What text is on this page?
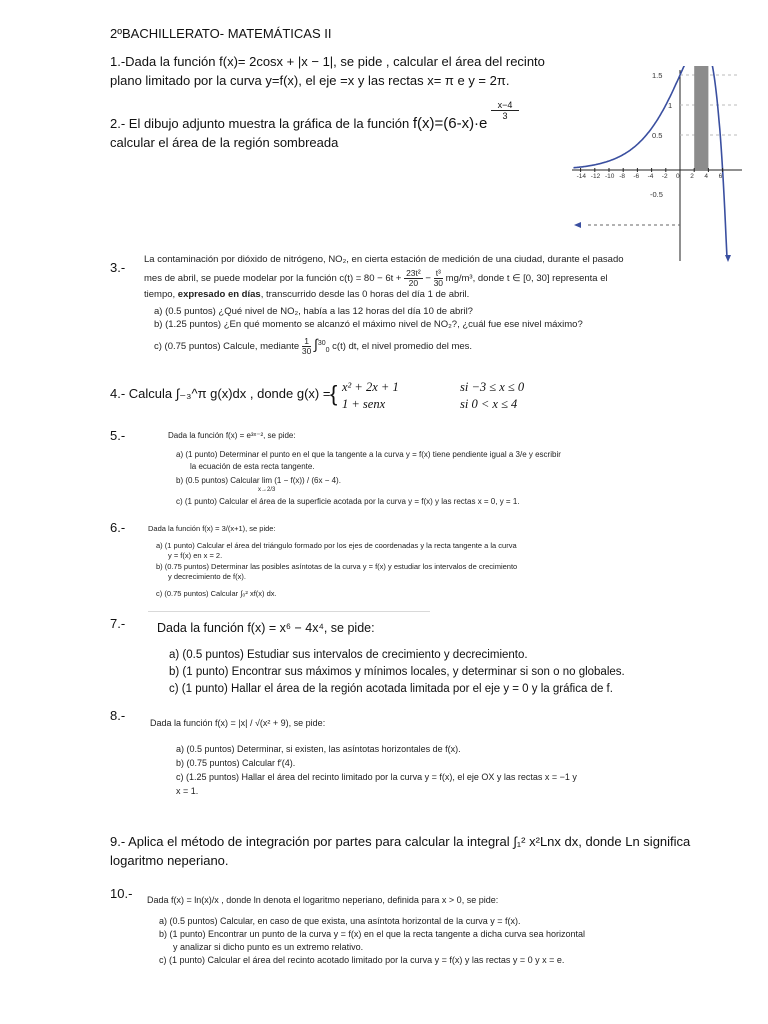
2ºBACHILLERATO- MATEMÁTICAS II
1.-Dada la función f(x)= 2cosx + |x − 1|, se pide , calcular el área del recinto
plano limitado por la curva y=f(x), el eje =x y las rectas x= π e y = 2π.
2.- El dibujo adjunto muestra la gráfica de la función f(x)=(6-x)·e
$\frac{x-4}{3}$
calcular el área de la región sombreada
1.5
1
0.5
-0.5
-14 -12 -10 -8 -6 -4 -2 0 2 4 6
3.-
La contaminación por dióxido de nitrógeno, NO₂, en cierta estación de medición de una ciudad, durante el pasado
mes de abril, se puede modelar por la función $c(t) = 80 - 6t + \frac{\text{23t²}}{20} - \frac{\text{t³}}{30} mg/m^3$, donde t ∈ [0, 30] representa el
tiempo, expresado en días, transcurrido desde las 0 horas del día 1 de abril.
a) (0.5 puntos) ¿Qué nivel de NO₂, había a las 12 horas del día 10 de abril?
b) (1.25 puntos) ¿En qué momento se alcanzó el máximo nivel de NO₂?, ¿cuál fue ese nivel máximo?
c) (0.75 puntos) Calcule, mediante $\frac{1}{30} \int^{30}_0$ c(t) dt, el nivel promedio del mes.
4.- Calcula ∫₋₃^π g(x)dx , donde g(x) = { x² + 2x + 1
1 + senx
si −3 ≤ x ≤ 0
si 0 < x ≤ 4
5.-	Dada la función f(x) = e³ˣ⁻², se pide:
a) (1 punto) Determinar el punto en el que la tangente a la curva y = f(x) tiene pendiente igual a 3/e y escribir
la ecuación de esta recta tangente.
b) (0.5 puntos) Calcular lim (1 − f(x)) / (6x − 4).
x→2/3
c) (1 punto) Calcular el área de la superficie acotada por la curva y = f(x) y las rectas x = 0, y = 1.
6.-	Dada la función f(x) = 3/(x+1), se pide:
a) (1 punto) Calcular el área del triángulo formado por los ejes de coordenadas y la recta tangente a la curva
y = f(x) en x = 2.
b) (0.75 puntos) Determinar las posibles asíntotas de la curva y = f(x) y estudiar los intervalos de crecimiento
y decrecimiento de f(x).
c) (0.75 puntos) Calcular ∫₀² xf(x) dx.
7.-	Dada la función f(x) = x⁶ − 4x⁴, se pide:
a) (0.5 puntos) Estudiar sus intervalos de crecimiento y decrecimiento.
b) (1 punto) Encontrar sus máximos y mínimos locales, y determinar si son o no globales.
c) (1 punto) Hallar el área de la región acotada limitada por el eje y = 0 y la gráfica de f.
8.-	Dada la función f(x) = |x| / √(x² + 9), se pide:
a) (0.5 puntos) Determinar, si existen, las asíntotas horizontales de f(x).
b) (0.75 puntos) Calcular f′(4).
c) (1.25 puntos) Hallar el área del recinto limitado por la curva y = f(x), el eje OX y las rectas x = −1 y
x = 1.
9.- Aplica el método de integración por partes para calcular la integral ∫₁² x²Lnx dx, donde Ln significa
logaritmo neperiano.
10.- Dada f(x) = ln(x)/x , donde ln denota el logaritmo neperiano, definida para x > 0, se pide:
a) (0.5 puntos) Calcular, en caso de que exista, una asíntota horizontal de la curva y = f(x).
b) (1 punto) Encontrar un punto de la curva y = f(x) en el que la recta tangente a dicha curva sea horizontal
y analizar si dicho punto es un extremo relativo.
c) (1 punto) Calcular el área del recinto acotado limitado por la curva y = f(x) y las rectas y = 0 y x = e.
